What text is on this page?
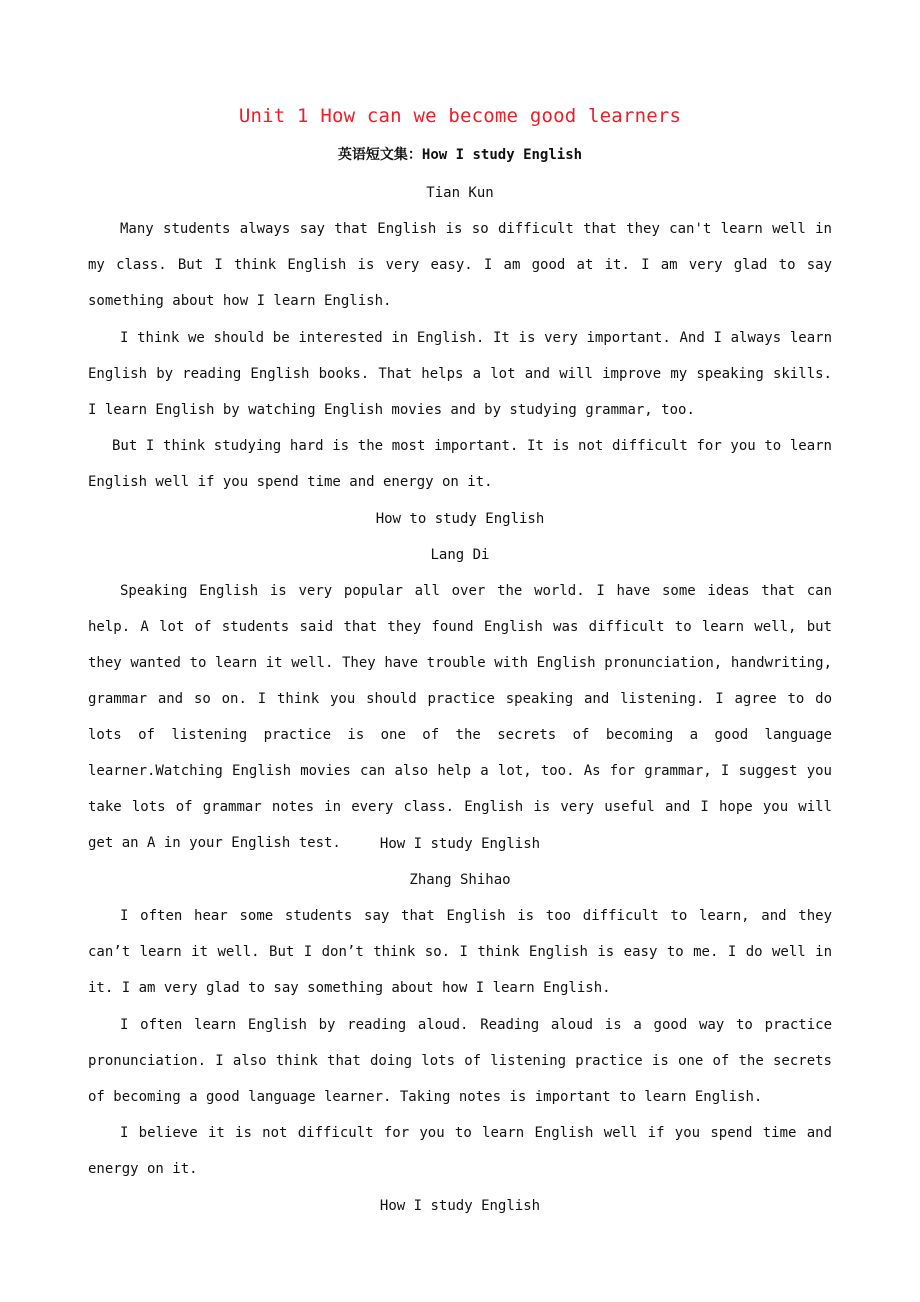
Unit 1 How can we become good learners
英语短文集：How I study English
Tian Kun
Many students always say that English is so difficult that they can't learn well in my class. But I think English is very easy. I am good at it. I am very glad to say something about how I learn English.
I think we should be interested in English. It is very important. And I always learn English by reading English books. That helps a lot and will improve my speaking skills. I learn English by watching English movies and by studying grammar, too.
But I think studying hard is the most important. It is not difficult for you to learn English well if you spend time and energy on it.
How to study English
Lang Di
Speaking English is very popular all over the world. I have some ideas that can help. A lot of students said that they found English was difficult to learn well, but they wanted to learn it well. They have trouble with English pronunciation, handwriting, grammar and so on. I think you should practice speaking and listening. I agree to do lots of listening practice is one of the secrets of becoming a good language learner.Watching English movies can also help a lot, too. As for grammar, I suggest you take lots of grammar notes in every class. English is very useful and I hope you will get an A in your English test.	How I study English
Zhang Shihao
I often hear some students say that English is too difficult to learn, and they can’t learn it well. But I don’t think so. I think English is easy to me. I do well in it. I am very glad to say something about how I learn English.
I often learn English by reading aloud. Reading aloud is a good way to practice pronunciation. I also think that doing lots of listening practice is one of the secrets of becoming a good language learner. Taking notes is important to learn English.
I believe it is not difficult for you to learn English well if you spend time and energy on it.
How I study English
